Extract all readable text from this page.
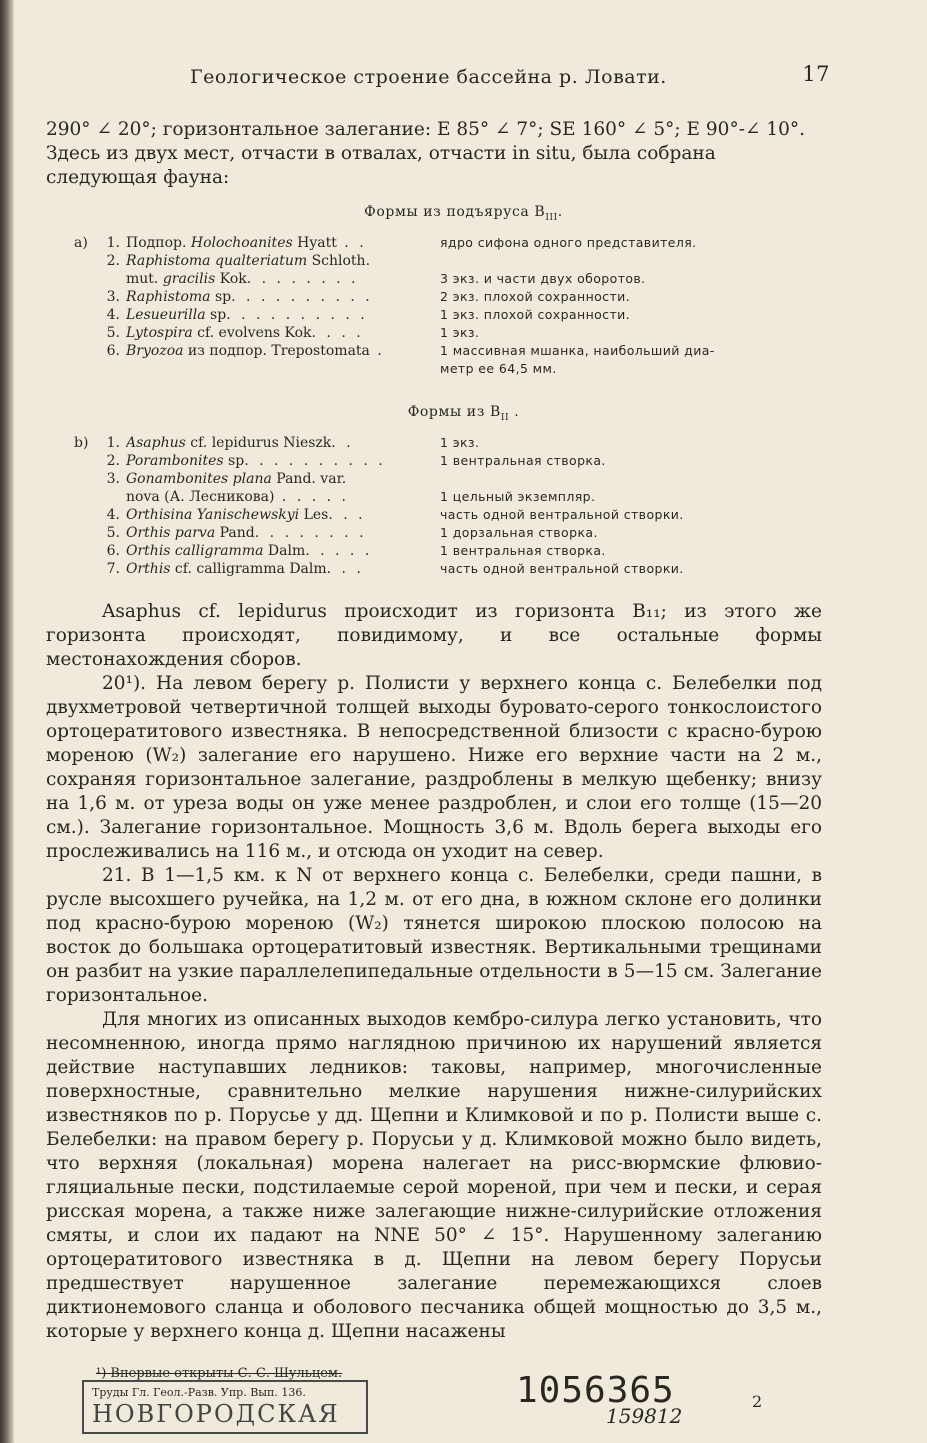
Геологическое строение бассейна р. Ловати.	17

290° ∠ 20°; горизонтальное залегание: E 85° ∠ 7°; SE 160° ∠ 5°; E 90°-∠ 10°.

Здесь из двух мест, отчасти в отвалах, отчасти in situ, была собрана

следующая фауна:

Формы из подъяруса $B_{III}$.
a)	1. Подпор. Holochoanites Hyatt . .	ядро сифона одного представителя.
2. Raphistoma qualteriatum Schloth.
mut. gracilis Kok. . . . . . . .	3 экз. и части двух оборотов.
3. Raphistoma sp. . . . . . . . . .	2 экз. плохой сохранности.
4. Lesueurilla sp. . . . . . . . . .	1 экз. плохой сохранности.
5. Lytospira cf. evolvens Kok. . . .	1 экз.
6. Bryozoa из подпор. Trepostomata .	1 массивная мшанка, наибольший диа-
метр ее 64,5 мм.
Формы из $B_{II}$ .
b)	1. Asaphus cf. lepidurus Nieszk. .	1 экз.
2. Porambonites sp. . . . . . . . . .	1 вентральная створка.
3. Gonambonites plana Pand. var.
nova (А. Лесникова) . . . . .	1 цельный экземпляр.
4. Orthisina Yanischewskyi Les. . .	часть одной вентральной створки.
5. Orthis parva Pand. . . . . . . .	1 дорзальная створка.
6. Orthis calligramma Dalm. . . . .	1 вентральная створка.
7. Orthis cf. calligramma Dalm. . .	часть одной вентральной створки.

Asaphus cf. lepidurus происходит из горизонта B₁₁; из этого же горизонта происходят, повидимому, и все остальные формы местонахождения сборов.

20¹). На левом берегу р. Полисти у верхнего конца с. Белебелки под двухметровой четвертичной толщей выходы буровато-серого тонкослоистого ортоцератитового известняка. В непосредственной близости с красно-бурою мореною (W₂) залегание его нарушено. Ниже его верхние части на 2 м., сохраняя горизонтальное залегание, раздроблены в мелкую щебенку; внизу на 1,6 м. от уреза воды он уже менее раздроблен, и слои его толще (15—20 см.). Залегание горизонтальное. Мощность 3,6 м. Вдоль берега выходы его прослеживались на 116 м., и отсюда он уходит на север.

21. В 1—1,5 км. к N от верхнего конца с. Белебелки, среди пашни, в русле высохшего ручейка, на 1,2 м. от его дна, в южном склоне его долинки под красно-бурою мореною (W₂) тянется широкою плоскою полосою на восток до большака ортоцератитовый известняк. Вертикальными трещинами он разбит на узкие параллелепипедальные отдельности в 5—15 см. Залегание горизонтальное.

Для многих из описанных выходов кембро-силура легко установить, что несомненною, иногда прямо наглядною причиною их нарушений является действие наступавших ледников: таковы, например, многочисленные поверхностные, сравнительно мелкие нарушения нижне-силурийских известняков по р. Порусье у дд. Щепни и Климковой и по р. Полисти выше с. Белебелки: на правом берегу р. Порусьи у д. Климковой можно было видеть, что верхняя (локальная) морена налегает на рисс-вюрмские флювио-гляциальные пески, подстилаемые серой мореной, при чем и пески, и серая рисская морена, а также ниже залегающие нижне-силурийские отложения смяты, и слои их падают на NNE 50° ∠ 15°. Нарушенному залеганию ортоцератитового известняка в д. Щепни на левом берегу Порусьи предшествует нарушенное залегание перемежающихся слоев диктионемового сланца и оболового песчаника общей мощностью до 3,5 м., которые у верхнего конца д. Щепни насажены

¹) Впервые открыты С. С. Шульцем.
Труды Гл. Геол.-Разв. Упр. Вып. 136.
НОВГОРОДСКАЯ
1056365
159812
2
